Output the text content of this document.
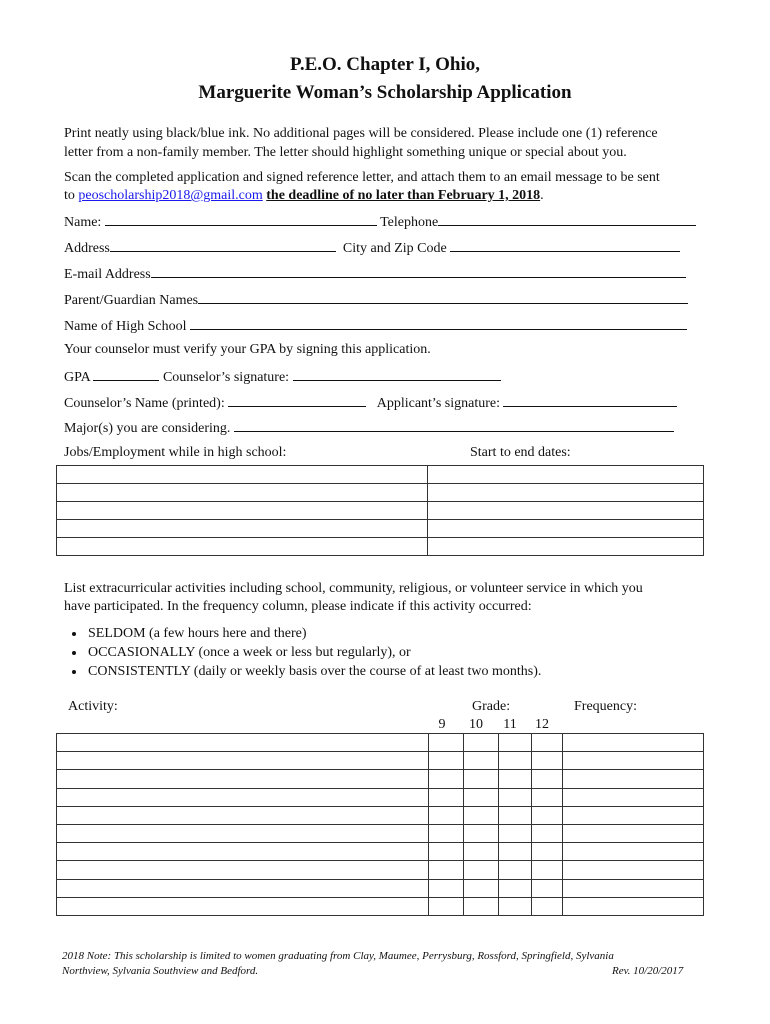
P.E.O. Chapter I, Ohio,
Marguerite Woman’s Scholarship Application
Print neatly using black/blue ink. No additional pages will be considered. Please include one (1) reference
letter from a non-family member. The letter should highlight something unique or special about you.
Scan the completed application and signed reference letter, and attach them to an email message to be sent
to peoscholarship2018@gmail.com the deadline of no later than February 1, 2018.
Name:	Telephone
Address	City and Zip Code
E-mail Address
Parent/Guardian Names
Name of High School
Your counselor must verify your GPA by signing this application.
GPA	Counselor’s signature:
Counselor’s Name (printed):	Applicant’s signature:
Major(s) you are considering.
Jobs/Employment while in high school:	Start to end dates:

List extracurricular activities including school, community, religious, or volunteer service in which you
have participated. In the frequency column, please indicate if this activity occurred:
• SELDOM (a few hours here and there)
• OCCASIONALLY (once a week or less but regularly), or
• CONSISTENTLY (daily or weekly basis over the course of at least two months).
Activity:	Grade:	Frequency:
9	10	11	12

2018 Note: This scholarship is limited to women graduating from Clay, Maumee, Perrysburg, Rossford, Springfield, Sylvania
Northview, Sylvania Southview and Bedford.	Rev. 10/20/2017
